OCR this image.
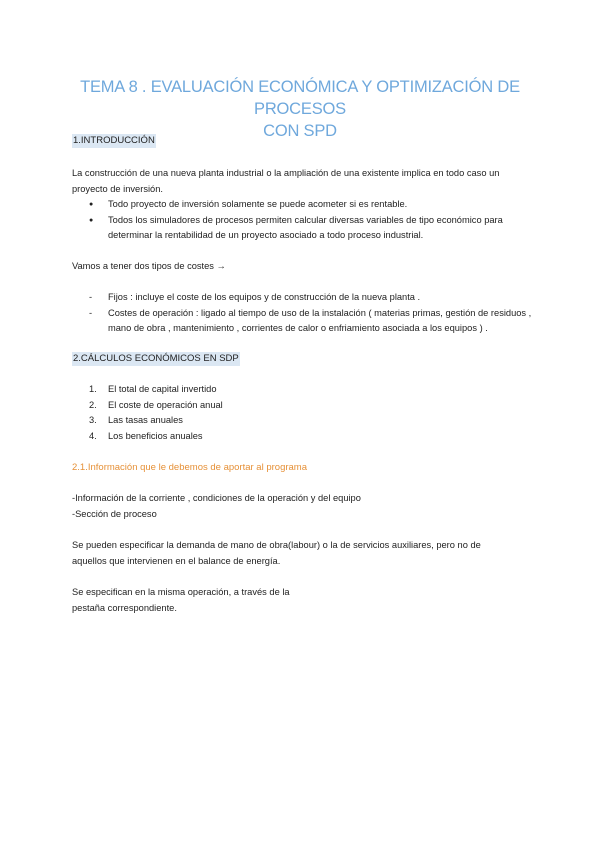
TEMA 8 . EVALUACIÓN ECONÓMICA Y OPTIMIZACIÓN DE PROCESOS
CON SPD
1.INTRODUCCIÓN
La construcción de una nueva planta industrial o la ampliación de una existente implica en todo caso un
proyecto de inversión.
● Todo proyecto de inversión solamente se puede acometer si es rentable.
● Todos los simuladores de procesos permiten calcular diversas variables de tipo económico para
determinar la rentabilidad de un proyecto asociado a todo proceso industrial.
Vamos a tener dos tipos de costes →
- Fijos : incluye el coste de los equipos y de construcción de la nueva planta .
- Costes de operación : ligado al tiempo de uso de la instalación ( materias primas, gestión de residuos ,
mano de obra , mantenimiento , corrientes de calor o enfriamiento asociada a los equipos ) .
2.CÁLCULOS ECONÓMICOS EN SDP
1. El total de capital invertido
2. El coste de operación anual
3. Las tasas anuales
4. Los beneficios anuales
2.1.Información que le debemos de aportar al programa
-Información de la corriente , condiciones de la operación y del equipo
-Sección de proceso
Se pueden especificar la demanda de mano de obra(labour) o la de servicios auxiliares, pero no de
aquellos que intervienen en el balance de energía.
Se especifican en la misma operación, a través de la
pestaña correspondiente.
